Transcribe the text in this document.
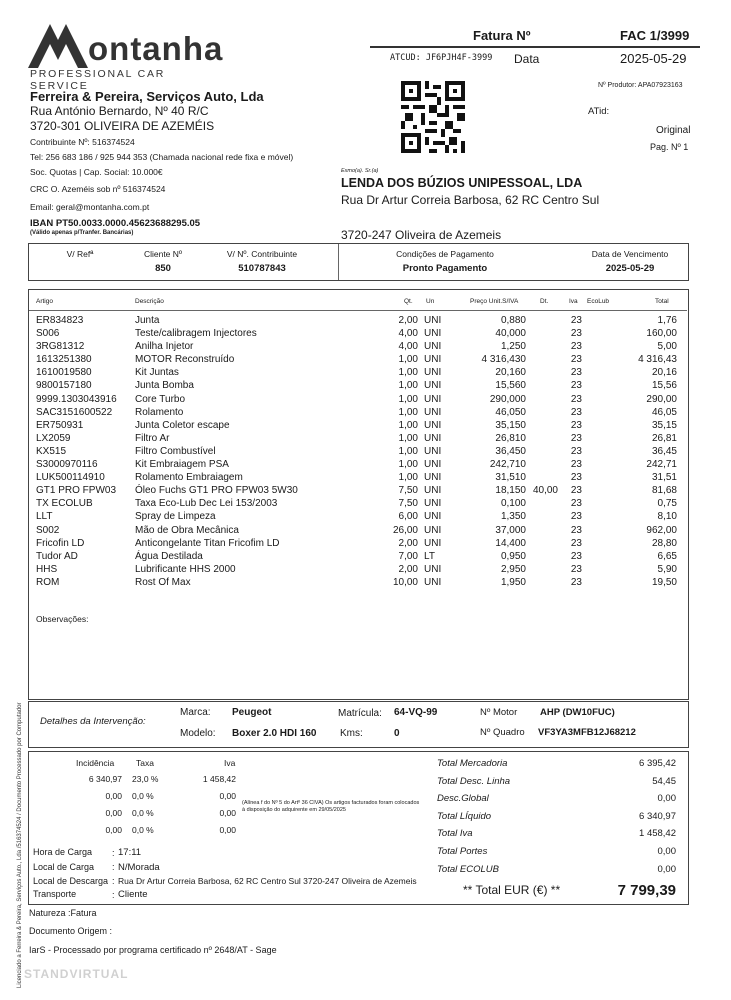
ontanha
PROFESSIONAL CAR SERVICE
Ferreira & Pereira, Serviços Auto, Lda
Rua António Bernardo, Nº 40 R/C
3720-301 OLIVEIRA DE AZEMÉIS
Contribuinte Nº: 516374524
Tel: 256 683 186 / 925 944 353 (Chamada nacional rede fixa e móvel)
Soc. Quotas | Cap. Social: 10.000€
CRC O. Azeméis sob nº 516374524
Email: geral@montanha.com.pt
IBAN PT50.0033.0000.45623688295.05
(Válido apenas p/Tranfer. Bancárias)
Fatura Nº	FAC 1/3999
ATCUD: JF6PJH4F-3999 Data	2025-05-29
Nº Produtor: APA07923163
ATid:
Original
Pag. Nº 1
Exmo(a). Sr.(a)
LENDA DOS BÚZIOS UNIPESSOAL, LDA
Rua Dr Artur Correia Barbosa, 62 RC Centro Sul
3720-247 Oliveira de Azemeis
V/ Refª	Cliente Nº	V/ Nº. Contribuinte	Condições de Pagamento	Data de Vencimento
850	510787843	Pronto Pagamento	2025-05-29
Artigo	Descrição	Qt. Un	Preço Unit.S/IVA	Dt.	Iva EcoLub	Total
ER834823	Junta	2,00	UNI	0,880		23		1,76
S006	Teste/calibragem Injectores	4,00	UNI	40,000		23		160,00
3RG81312	Anilha Injetor	4,00	UNI	1,250		23		5,00
1613251380	MOTOR Reconstruído	1,00	UNI	4 316,430		23		4 316,43
1610019580	Kit Juntas	1,00	UNI	20,160		23		20,16
9800157180	Junta Bomba	1,00	UNI	15,560		23		15,56
9999.1303043916	Core Turbo	1,00	UNI	290,000		23		290,00
SAC3151600522	Rolamento	1,00	UNI	46,050		23		46,05
ER750931	Junta Coletor escape	1,00	UNI	35,150		23		35,15
LX2059	Filtro Ar	1,00	UNI	26,810		23		26,81
KX515	Filtro Combustível	1,00	UNI	36,450		23		36,45
S3000970116	Kit Embraiagem PSA	1,00	UNI	242,710		23		242,71
LUK500114910	Rolamento Embraiagem	1,00	UNI	31,510		23		31,51
GT1 PRO FPW03	Óleo Fuchs GT1 PRO FPW03 5W30	7,50	UNI	18,150	40,00	23		81,68
TX ECOLUB	Taxa Eco-Lub Dec Lei 153/2003	7,50	UNI	0,100		23		0,75
LLT	Spray de Limpeza	6,00	UNI	1,350		23		8,10
S002	Mão de Obra Mecânica	26,00	UNI	37,000		23		962,00
Fricofin LD	Anticongelante Titan Fricofim LD	2,00	UNI	14,400		23		28,80
Tudor AD	Água Destilada	7,00	LT	0,950		23		6,65
HHS	Lubrificante HHS 2000	2,00	UNI	2,950		23		5,90
ROM	Rost Of Max	10,00	UNI	1,950		23		19,50
Observações:
Detalhes da Intervenção:
Marca: Peugeot
Modelo: Boxer 2.0 HDI 160
Matrícula: 64-VQ-99
Kms:	0
Nº Motor AHP (DW10FUC)
Nº Quadro VF3YA3MFB12J68212
Incidência	Taxa	Iva
6 340,97 23,0 %	1 458,42
0,00 0,0 %	0,00
0,00 0,0 %	0,00
0,00 0,0 %	0,00
(Alínea f do Nº 5 do Artº 36 CIVA) Os artigos facturados foram colocados à disposição do adquirente em 29/05/2025
Total Mercadoria	6 395,42
Total Desc. Linha	54,45
Desc.Global	0,00
Total LÍquido	6 340,97
Total Iva	1 458,42
Total Portes	0,00
Total ECOLUB	0,00
** Total EUR (€) **	7 799,39
Hora de Carga	17:11
Local de Carga	N/Morada
Local de Descarga Rua Dr Artur Correia Barbosa, 62 RC Centro Sul 3720-247 Oliveira de Azemeis
Transporte	Cliente
:
:
:
:
Natureza :Fatura
Documento Origem :
IarS - Processado por programa certificado nº 2648/AT - Sage
Licenciado a Ferreira & Pereira, Serviços Auto., Lda /516374524 / Documento Processado por Computador STANDVIRTUAL
